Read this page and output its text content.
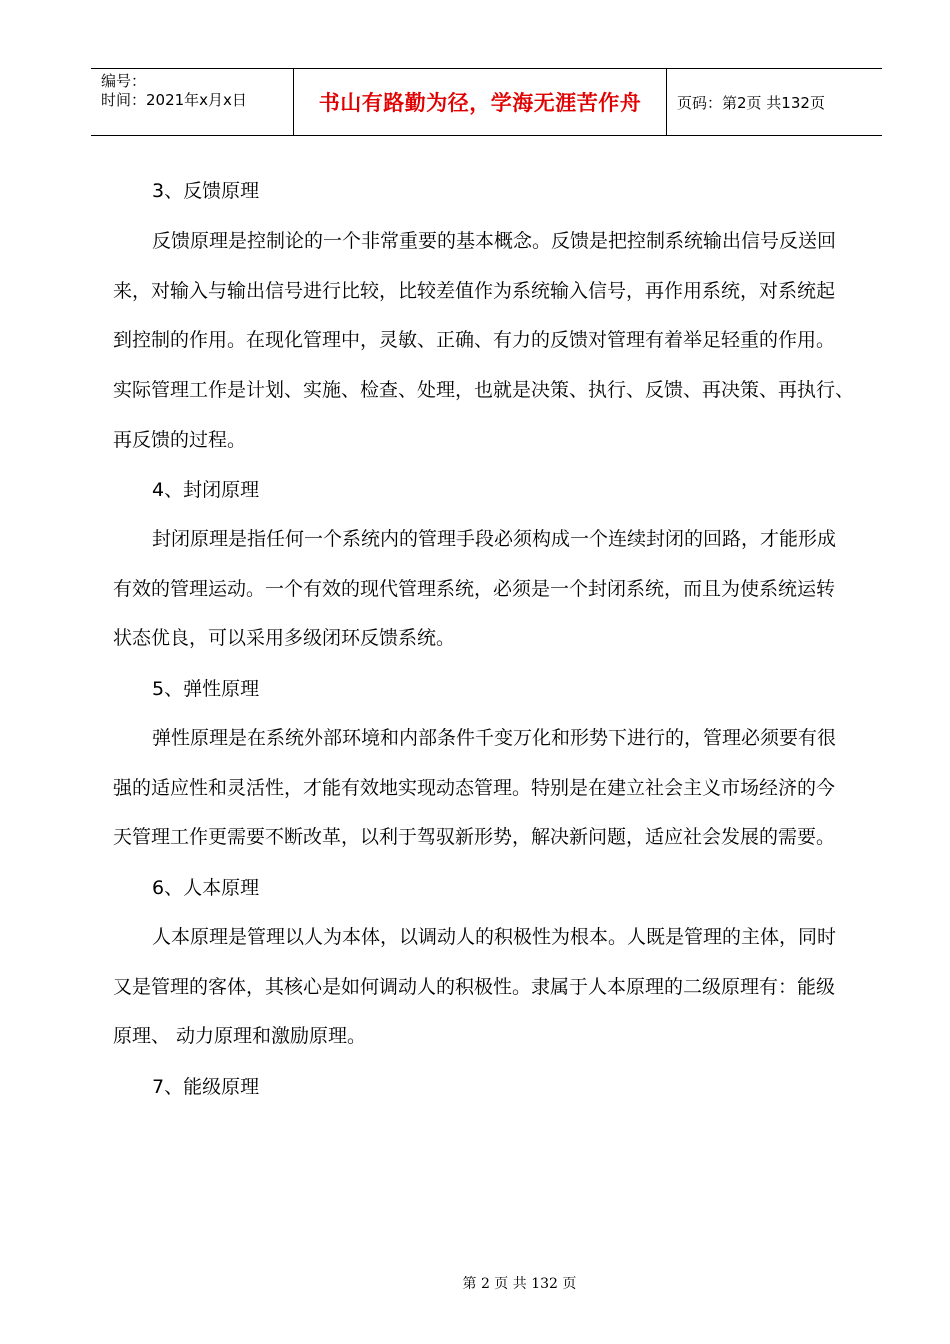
编号：
时间：2021年x月x日	书山有路勤为径，学海无涯苦作舟 页码：第2页 共132页
3、反馈原理
反馈原理是控制论的一个非常重要的基本概念。反馈是把控制系统输出信号反送回
来，对输入与输出信号进行比较，比较差值作为系统输入信号，再作用系统，对系统起
到控制的作用。在现化管理中，灵敏、正确、有力的反馈对管理有着举足轻重的作用。
实际管理工作是计划、实施、检查、处理，也就是决策、执行、反馈、再决策、再执行、
再反馈的过程。
4、封闭原理
封闭原理是指任何一个系统内的管理手段必须构成一个连续封闭的回路，才能形成
有效的管理运动。一个有效的现代管理系统，必须是一个封闭系统，而且为使系统运转
状态优良，可以采用多级闭环反馈系统。
5、弹性原理
弹性原理是在系统外部环境和内部条件千变万化和形势下进行的，管理必须要有很
强的适应性和灵活性，才能有效地实现动态管理。特别是在建立社会主义市场经济的今
天管理工作更需要不断改革，以利于驾驭新形势，解决新问题，适应社会发展的需要。
6、人本原理
人本原理是管理以人为本体，以调动人的积极性为根本。人既是管理的主体，同时
又是管理的客体，其核心是如何调动人的积极性。隶属于人本原理的二级原理有：能级
原理、 动力原理和激励原理。
7、能级原理

第 2 页 共 132 页
